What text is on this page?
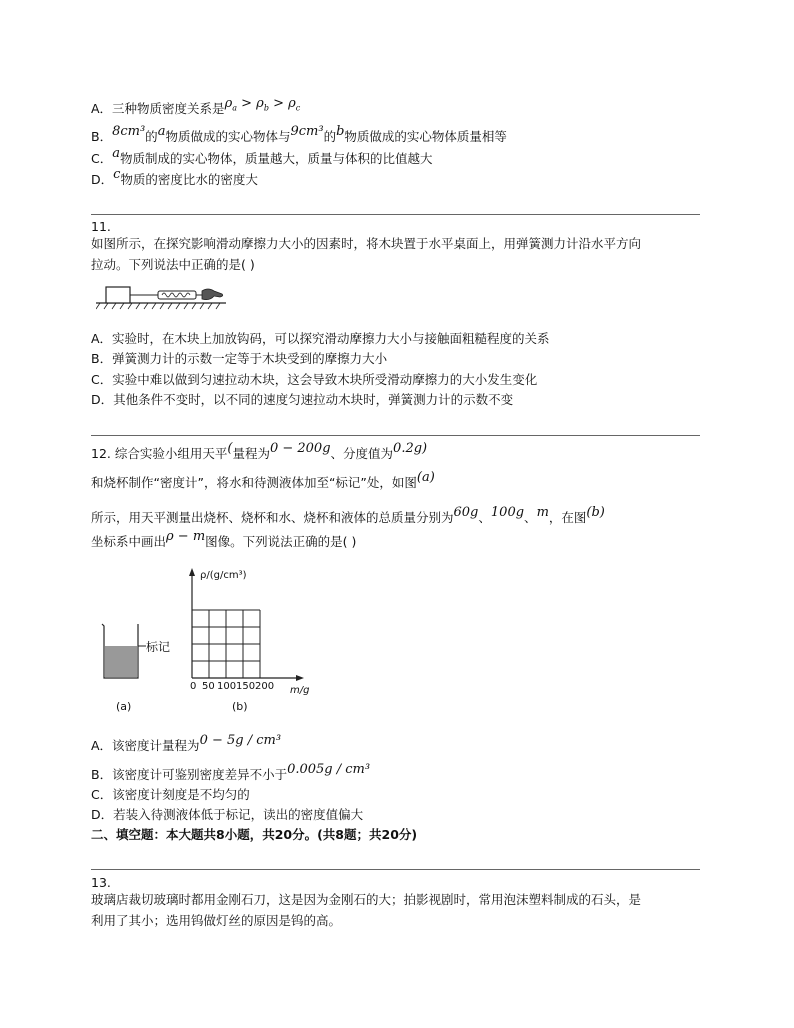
A．三种物质密度关系是$\rho_a > \rho_b > \rho_c$
B．8cm³的a物质做成的实心物体与9cm³的b物质做成的实心物体质量相等
C．a物质制成的实心物体，质量越大，质量与体积的比值越大
D．c物质的密度比水的密度大
11.
如图所示，在探究影响滑动摩擦力大小的因素时，将木块置于水平桌面上，用弹簧测力计沿水平方向
拉动。下列说法中正确的是( )
A．实验时，在木块上加放钩码，可以探究滑动摩擦力大小与接触面粗糙程度的关系
B．弹簧测力计的示数一定等于木块受到的摩擦力大小
C．实验中难以做到匀速拉动木块，这会导致木块所受滑动摩擦力的大小发生变化
D．其他条件不变时，以不同的速度匀速拉动木块时，弹簧测力计的示数不变
12. 综合实验小组用天平(量程为0 − 200g、分度值为0.2g)
和烧杯制作“密度计”，将水和待测液体加至“标记”处，如图(a)
所示，用天平测量出烧杯、烧杯和水、烧杯和液体的总质量分别为60g、100g、m，在图(b)
坐标系中画出ρ − m图像。下列说法正确的是( )
标记
(a)
ρ/(g/cm³)
m/g
0 50 100 150 200
(b)
A．该密度计量程为0 − 5g / cm³
B．该密度计可鉴别密度差异不小于0.005g / cm³
C．该密度计刻度是不均匀的
D．若装入待测液体低于标记，读出的密度值偏大
二、填空题：本大题共8小题，共20分。(共8题；共20分)
13.
玻璃店裁切玻璃时都用金刚石刀，这是因为金刚石的大；拍影视剧时，常用泡沫塑料制成的石头，是
利用了其小；选用钨做灯丝的原因是钨的高。
